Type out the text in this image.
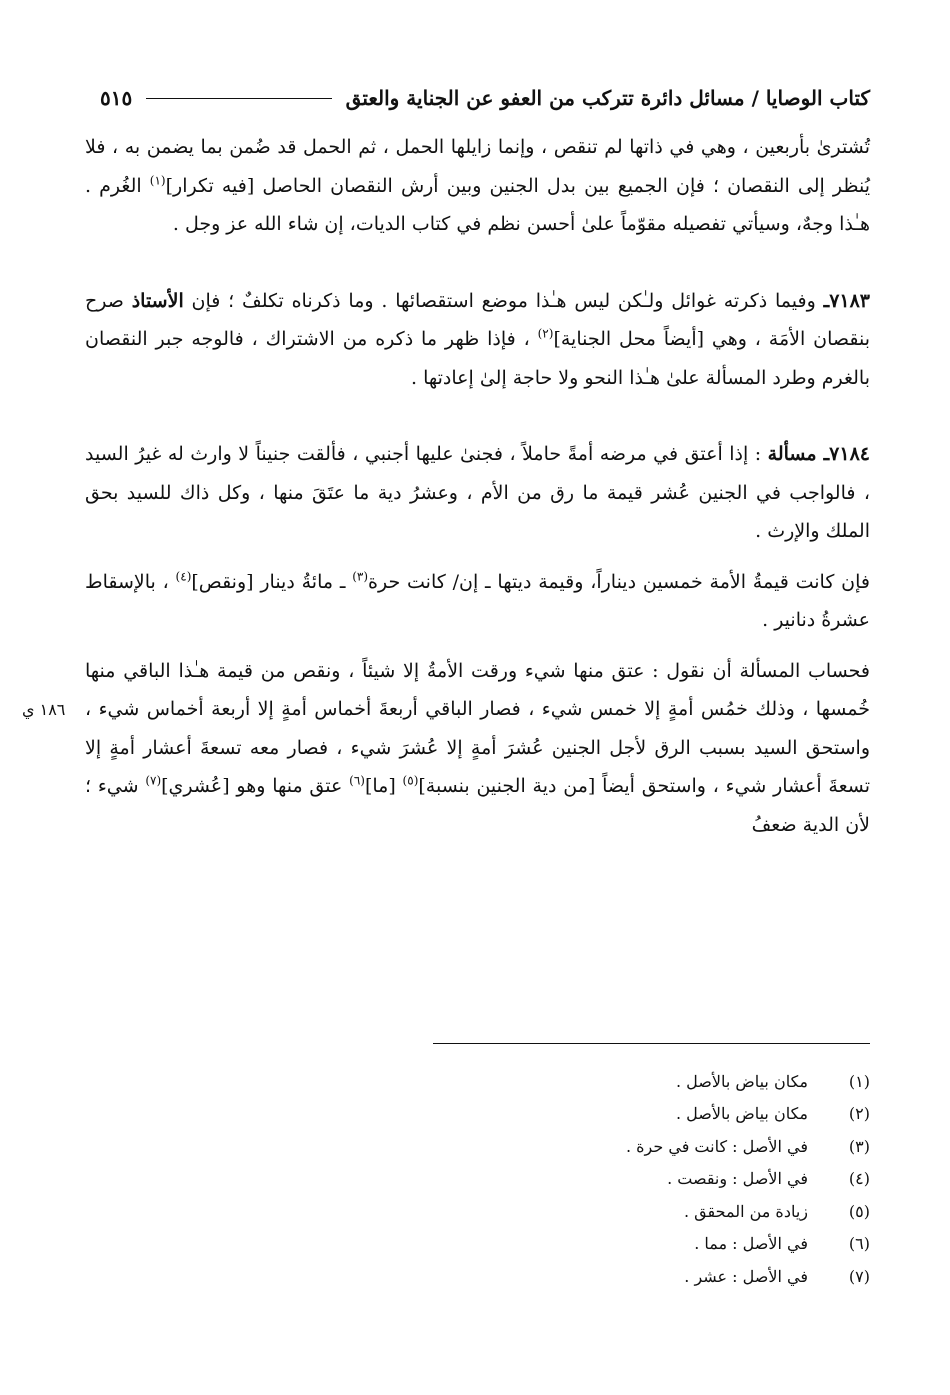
كتاب الوصايا / مسائل دائرة تتركب من العفو عن الجناية والعتق
٥١٥

تُشترىٰ بأربعين ، وهي في ذاتها لم تنقص ، وإنما زايلها الحمل ، ثم الحمل قد ضُمن بما يضمن به ، فلا يُنظر إلى النقصان ؛ فإن الجميع بين بدل الجنين وبين أرش النقصان الحاصل [فيه تكرار]$^{(١)}$ الغُرم . هـٰذا وجهٌ، وسيأتي تفصيله مقوّماً علىٰ أحسن نظم في كتاب الديات، إن شاء الله عز وجل .

٧١٨٣ـ وفيما ذكرته غوائل ولـٰكن ليس هـٰذا موضع استقصائها . وما ذكرناه تكلفٌ ؛ فإن الأستاذ صرح بنقصان الأمَة ، وهي [أيضاً محل الجناية]$^{(٢)}$ ، فإذا ظهر ما ذكره من الاشتراك ، فالوجه جبر النقصان بالغرم وطرد المسألة علىٰ هـٰذا النحو ولا حاجة إلىٰ إعادتها .

٧١٨٤ـ مسألة : إذا أعتق في مرضه أمةً حاملاً ، فجنىٰ عليها أجنبي ، فألقت جنيناً لا وارث له غيرُ السيد ، فالواجب في الجنين عُشر قيمة ما رق من الأم ، وعشرُ دية ما عتَقَ منها ، وكل ذاك للسيد بحق الملك والإرث .

فإن كانت قيمةُ الأمة خمسين ديناراً، وقيمة ديتها ـ إن/ كانت حرة$^{(٣)}$ ـ مائةُ دينار [ونقص]$^{(٤)}$ ، بالإسقاط عشرةُ دنانير .

فحساب المسألة أن نقول : عتق منها شيء ورقت الأمةُ إلا شيئاً ، ونقص من قيمة هـٰذا الباقي منها خُمسها ، وذلك خمُس أمةٍ إلا خمس شيء ، فصار الباقي أربعةَ أخماس أمةٍ إلا أربعة أخماس شيء ، واستحق السيد بسبب الرق لأجل الجنين عُشرَ أمةٍ إلا عُشرَ شيء ، فصار معه تسعةَ أعشار أمةٍ إلا تسعةَ أعشار شيء ، واستحق أيضاً [من دية الجنين بنسبة]$^{(٥)}$ [ما]$^{(٦)}$ عتق منها وهو [عُشري]$^{(٧)}$ شيء ؛ لأن الدية ضعفُ

١٨٦ ي
(١)
مكان بياض بالأصل .
(٢)
مكان بياض بالأصل .
(٣)
في الأصل : كانت في حرة .
(٤)
في الأصل : ونقصت .
(٥)
زيادة من المحقق .
(٦)
في الأصل : مما .
(٧)
في الأصل : عشر .
